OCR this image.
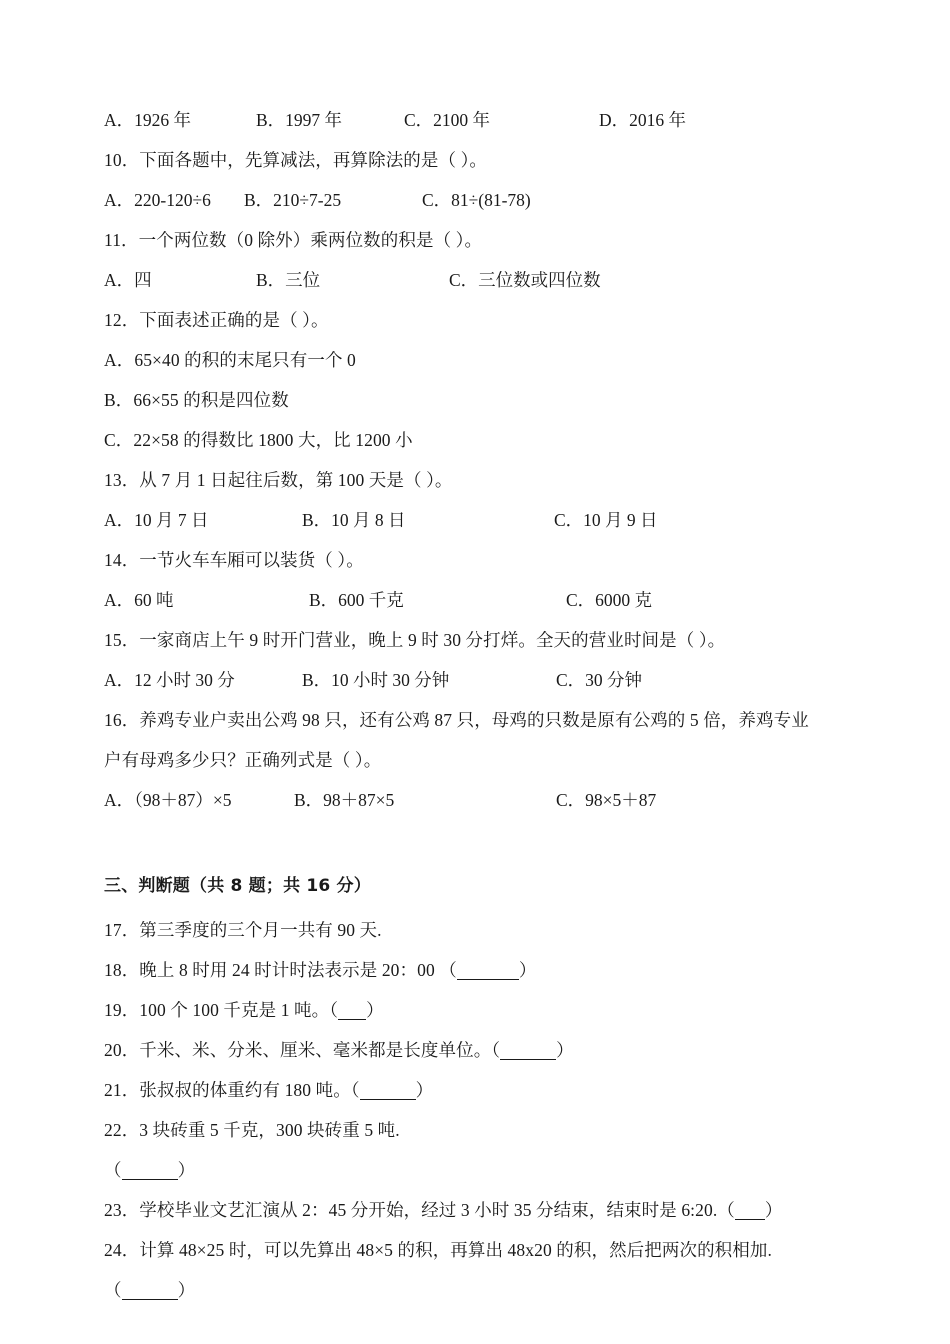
A．1926 年	B．1997 年	C．2100 年	D．2016 年
10．下面各题中，先算减法，再算除法的是（ ）。
A．220-120÷6 B．210÷7-25	C．81÷(81-78)
11．一个两位数（0 除外）乘两位数的积是（ ）。
A．四	B．三位	C．三位数或四位数
12．下面表述正确的是（ ）。
A．65×40 的积的末尾只有一个 0
B．66×55 的积是四位数
C．22×58 的得数比 1800 大，比 1200 小
13．从 7 月 1 日起往后数，第 100 天是（ ）。
A．10 月 7 日	B．10 月 8 日	C．10 月 9 日
14．一节火车车厢可以装货（ ）。
A．60 吨	B．600 千克	C．6000 克
15．一家商店上午 9 时开门营业，晚上 9 时 30 分打烊。全天的营业时间是（ ）。
A．12 小时 30 分	B．10 小时 30 分钟	C．30 分钟
16．养鸡专业户卖出公鸡 98 只，还有公鸡 87 只，母鸡的只数是原有公鸡的 5 倍，养鸡专业
户有母鸡多少只？正确列式是（ ）。
A．（98＋87）×5	B．98＋87×5	C．98×5＋87
三、判断题（共 8 题；共 16 分）
17．第三季度的三个月一共有 90 天.
18．晚上 8 时用 24 时计时法表示是 20：00 （	）
19．100 个 100 千克是 1 吨。（ ）
20．千米、米、分米、厘米、毫米都是长度单位。（	）
21．张叔叔的体重约有 180 吨。（	）
22．3 块砖重 5 千克，300 块砖重 5 吨.
（	）
23．学校毕业文艺汇演从 2：45 分开始，经过 3 小时 35 分结束，结束时是 6:20.（ ）
24．计算 48×25 时，可以先算出 48×5 的积，再算出 48x20 的积，然后把两次的积相加.
（	）
